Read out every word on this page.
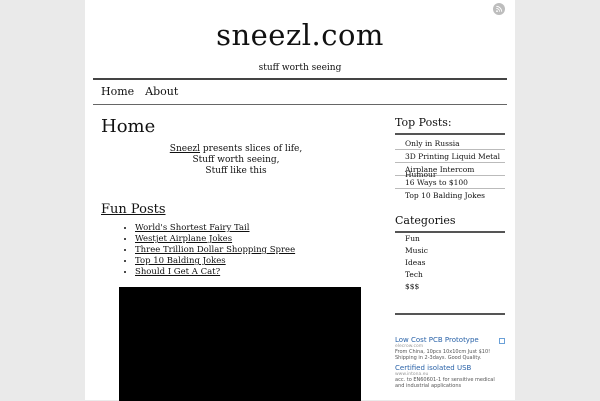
sneezl.com
stuff worth seeing
Home About
Home
Sneezl presents slices of life,
Stuff worth seeing,
Stuff like this
Fun Posts
• World's Shortest Fairy Tail
• Westjet Airplane Jokes
• Three Trillion Dollar Shopping Spree
• Top 10 Balding Jokes
• Should I Get A Cat?
Top Posts:
Only in Russia
3D Printing Liquid Metal
Airplane Intercom Humour
16 Ways to $100
Top 10 Balding Jokes
Categories
Fun
Music
Ideas
Tech
$$$
Low Cost PCB Prototype
elecrow.com
From China, 10pcs 10x10cm Just $10! Shipping in 2-3days. Good Quality.
Certified isolated USB
www.intona.eu
acc. to EN60601-1 for sensitive medical and industrial applications
